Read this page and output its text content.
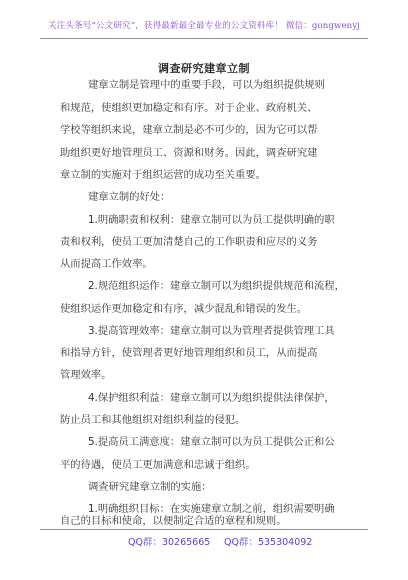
关注头条号“公文研究”，获得最新最全最专业的公文资料库！ 微信：gongwenyj
调查研究建章立制
建章立制是管理中的重要手段，可以为组织提供规则
和规范，使组织更加稳定和有序。对于企业、政府机关、
学校等组织来说，建章立制是必不可少的，因为它可以帮
助组织更好地管理员工、资源和财务。因此，调查研究建
章立制的实施对于组织运营的成功至关重要。
建章立制的好处：
1.明确职责和权利：建章立制可以为员工提供明确的职
责和权利，使员工更加清楚自己的工作职责和应尽的义务
从而提高工作效率。
2.规范组织运作：建章立制可以为组织提供规范和流程，
使组织运作更加稳定和有序，减少混乱和错误的发生。
3.提高管理效率：建章立制可以为管理者提供管理工具
和指导方针，使管理者更好地管理组织和员工，从而提高
管理效率。
4.保护组织利益：建章立制可以为组织提供法律保护，
防止员工和其他组织对组织利益的侵犯。
5.提高员工满意度：建章立制可以为员工提供公正和公
平的待遇，使员工更加满意和忠诚于组织。
调查研究建章立制的实施：
1.明确组织目标：在实施建章立制之前，组织需要明确
自己的目标和使命，以便制定合适的章程和规则。
QQ群：30265665 QQ群：535304092
